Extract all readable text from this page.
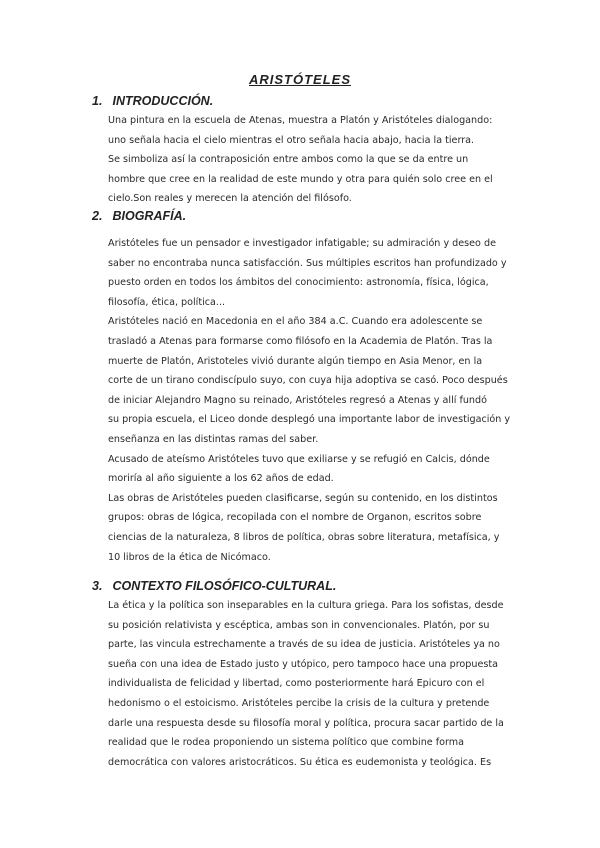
ARISTÓTELES
1. INTRODUCCIÓN.
Una pintura en la escuela de Atenas, muestra a Platón y Aristóteles dialogando:
uno señala hacia el cielo mientras el otro señala hacia abajo, hacia la tierra.
Se simboliza así la contraposición entre ambos como la que se da entre un
hombre que cree en la realidad de este mundo y otra para quién solo cree en el
cielo.Son reales y merecen la atención del filósofo.
2. BIOGRAFÍA.
Aristóteles fue un pensador e investigador infatigable; su admiración y deseo de
saber no encontraba nunca satisfacción. Sus múltiples escritos han profundizado y
puesto orden en todos los ámbitos del conocimiento: astronomía, física, lógica,
filosofía, ética, política...
Aristóteles nació en Macedonia en el año 384 a.C. Cuando era adolescente se
trasladó a Atenas para formarse como filósofo en la Academia de Platón. Tras la
muerte de Platón, Aristoteles vivió durante algún tiempo en Asia Menor, en la
corte de un tirano condiscípulo suyo, con cuya hija adoptiva se casó. Poco después
de iniciar Alejandro Magno su reinado, Aristóteles regresó a Atenas y allí fundó
su propia escuela, el Liceo donde desplegó una importante labor de investigación y
enseñanza en las distintas ramas del saber.
Acusado de ateísmo Aristóteles tuvo que exiliarse y se refugió en Calcis, dónde
moriría al año siguiente a los 62 años de edad.
Las obras de Aristóteles pueden clasificarse, según su contenido, en los distintos
grupos: obras de lógica, recopilada con el nombre de Organon, escritos sobre
ciencias de la naturaleza, 8 libros de política, obras sobre literatura, metafísica, y
10 libros de la ética de Nicómaco.
3. CONTEXTO FILOSÓFICO-CULTURAL.
La ética y la política son inseparables en la cultura griega. Para los sofistas, desde
su posición relativista y escéptica, ambas son in convencionales. Platón, por su
parte, las vincula estrechamente a través de su idea de justicia. Aristóteles ya no
sueña con una idea de Estado justo y utópico, pero tampoco hace una propuesta
individualista de felicidad y libertad, como posteriormente hará Epicuro con el
hedonismo o el estoicismo. Aristóteles percibe la crisis de la cultura y pretende
darle una respuesta desde su filosofía moral y política, procura sacar partido de la
realidad que le rodea proponiendo un sistema político que combine forma
democrática con valores aristocráticos. Su ética es eudemonista y teológica. Es
